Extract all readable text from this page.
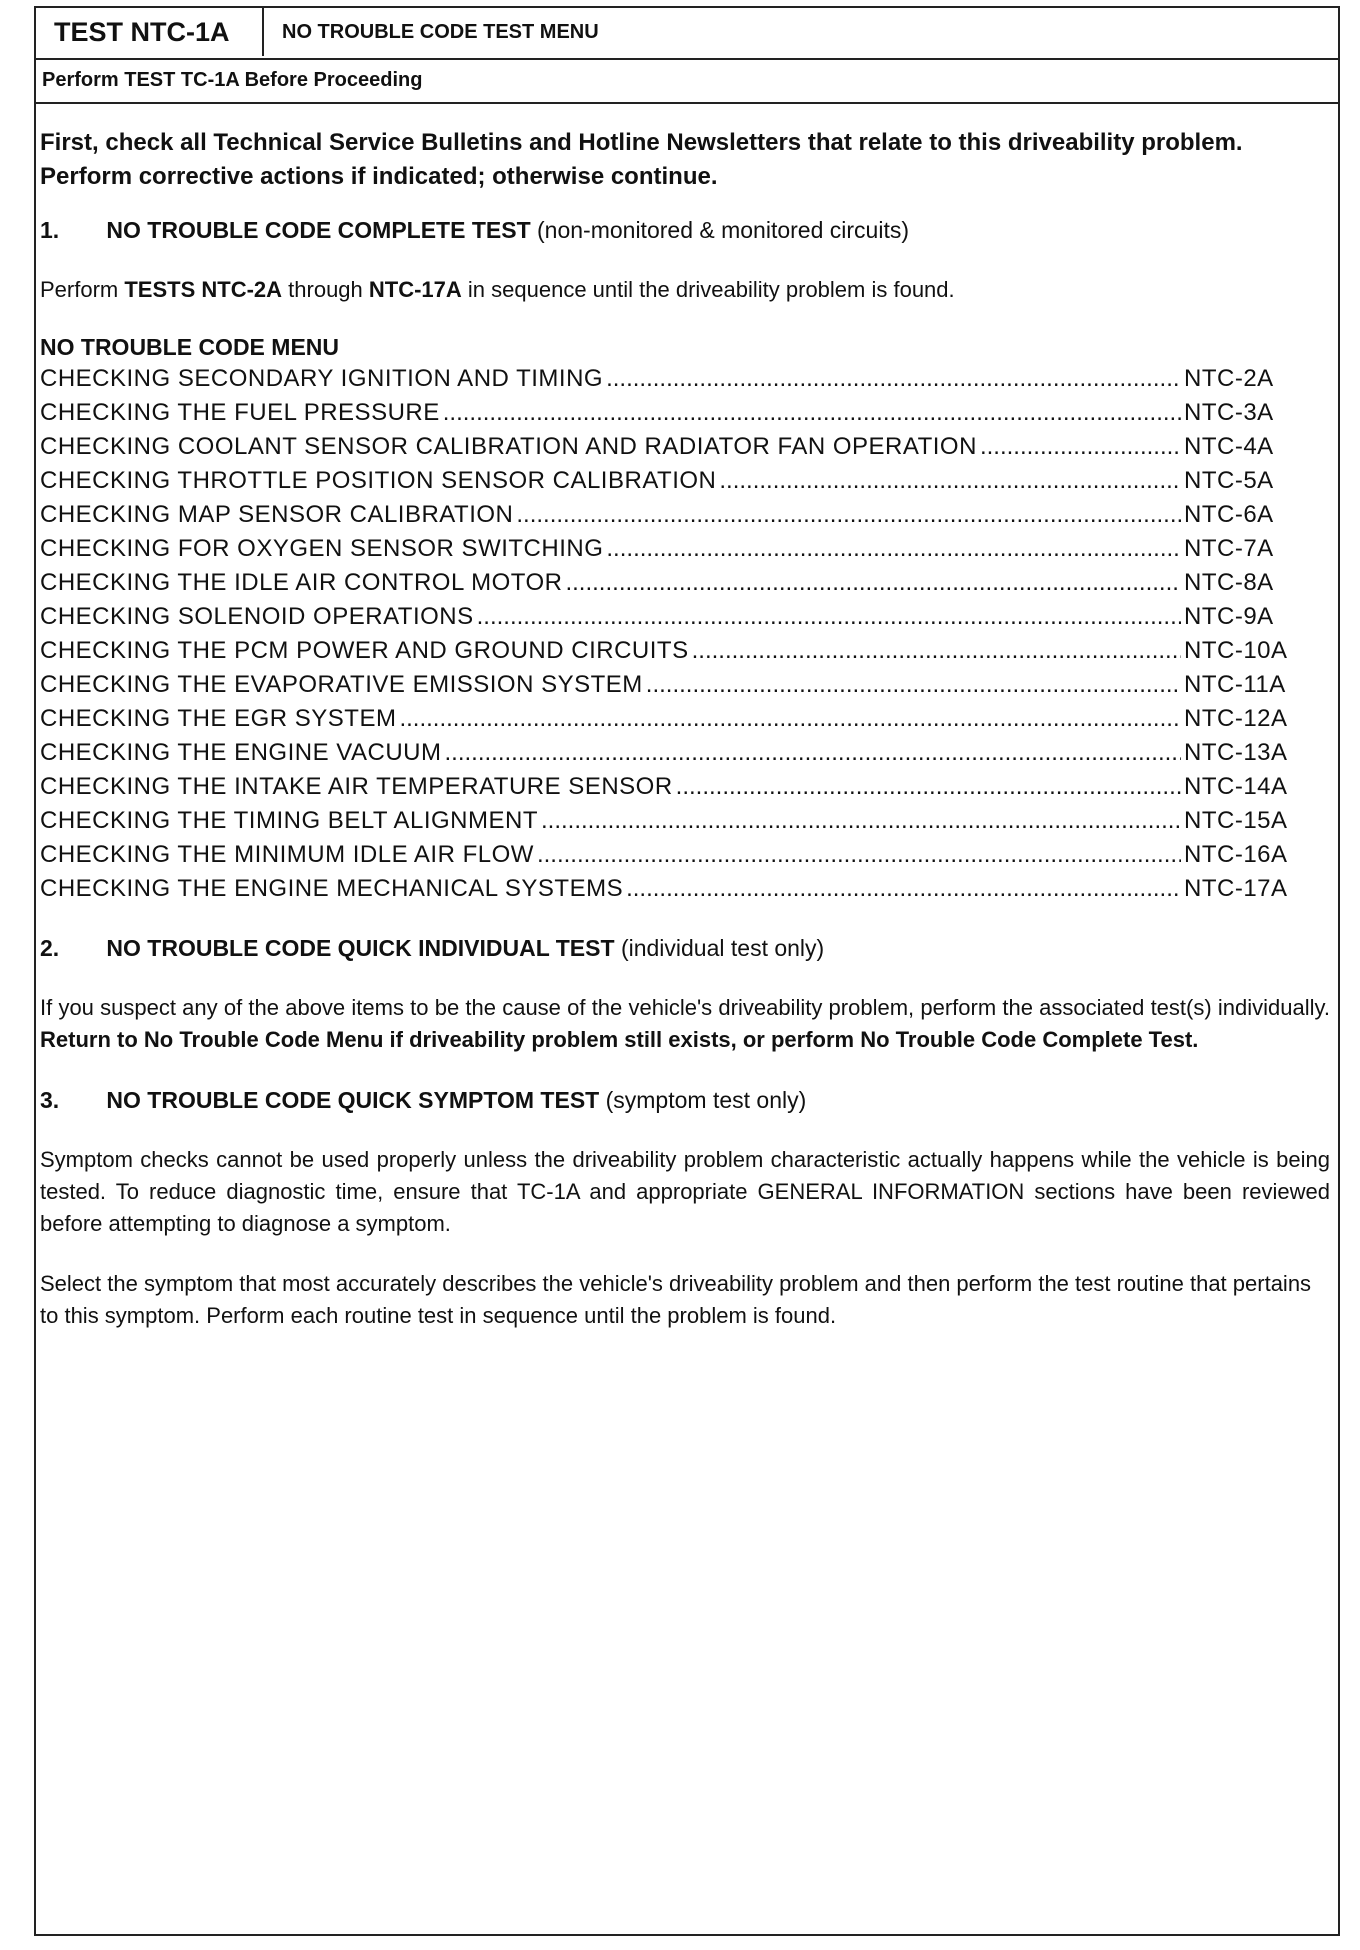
TEST NTC-1A	NO TROUBLE CODE TEST MENU
Perform TEST TC-1A Before Proceeding

First, check all Technical Service Bulletins and Hotline Newsletters that relate to this driveability problem. Perform corrective actions if indicated; otherwise continue.

1. NO TROUBLE CODE COMPLETE TEST (non-monitored & monitored circuits)

Perform TESTS NTC-2A through NTC-17A in sequence until the driveability problem is found.

NO TROUBLE CODE MENU
CHECKING SECONDARY IGNITION AND TIMING .....	NTC-2A
CHECKING THE FUEL PRESSURE .....	NTC-3A
CHECKING COOLANT SENSOR CALIBRATION AND RADIATOR FAN OPERATION .....	NTC-4A
CHECKING THROTTLE POSITION SENSOR CALIBRATION .....	NTC-5A
CHECKING MAP SENSOR CALIBRATION .....	NTC-6A
CHECKING FOR OXYGEN SENSOR SWITCHING .....	NTC-7A
CHECKING THE IDLE AIR CONTROL MOTOR .....	NTC-8A
CHECKING SOLENOID OPERATIONS .....	NTC-9A
CHECKING THE PCM POWER AND GROUND CIRCUITS .....	NTC-10A
CHECKING THE EVAPORATIVE EMISSION SYSTEM .....	NTC-11A
CHECKING THE EGR SYSTEM .....	NTC-12A
CHECKING THE ENGINE VACUUM .....	NTC-13A
CHECKING THE INTAKE AIR TEMPERATURE SENSOR .....	NTC-14A
CHECKING THE TIMING BELT ALIGNMENT .....	NTC-15A
CHECKING THE MINIMUM IDLE AIR FLOW .....	NTC-16A
CHECKING THE ENGINE MECHANICAL SYSTEMS .....	NTC-17A
2. NO TROUBLE CODE QUICK INDIVIDUAL TEST (individual test only)

If you suspect any of the above items to be the cause of the vehicle's driveability problem, perform the associated test(s) individually. Return to No Trouble Code Menu if driveability problem still exists, or perform No Trouble Code Complete Test.

3. NO TROUBLE CODE QUICK SYMPTOM TEST (symptom test only)

Symptom checks cannot be used properly unless the driveability problem characteristic actually happens while the vehicle is being tested. To reduce diagnostic time, ensure that TC-1A and appropriate GENERAL INFORMATION sections have been reviewed before attempting to diagnose a symptom.

Select the symptom that most accurately describes the vehicle's driveability problem and then perform the test routine that pertains to this symptom. Perform each routine test in sequence until the problem is found.
